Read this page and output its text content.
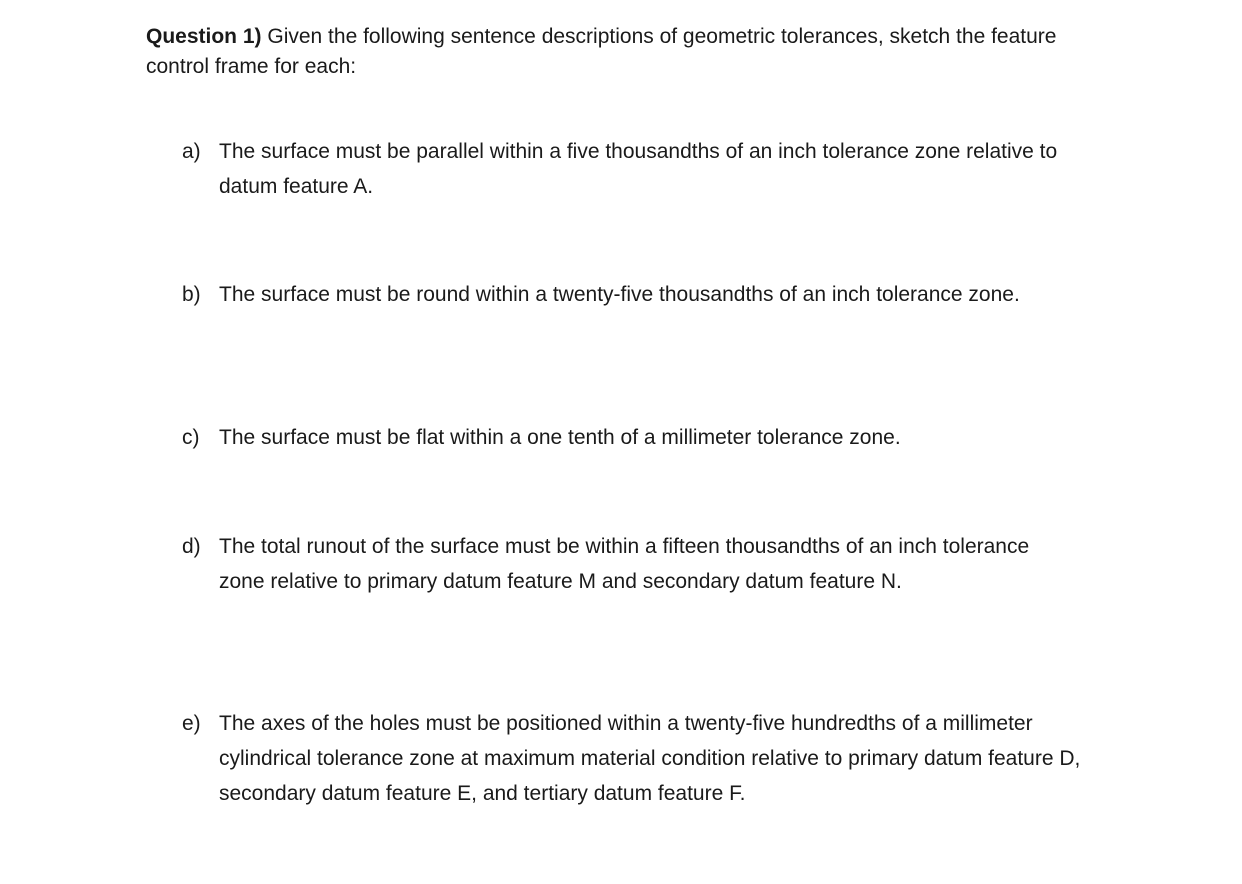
Question 1) Given the following sentence descriptions of geometric tolerances, sketch the feature control frame for each:

a) The surface must be parallel within a five thousandths of an inch tolerance zone relative to datum feature A.
b) The surface must be round within a twenty-five thousandths of an inch tolerance zone.
c) The surface must be flat within a one tenth of a millimeter tolerance zone.
d) The total runout of the surface must be within a fifteen thousandths of an inch tolerance zone relative to primary datum feature M and secondary datum feature N.
e) The axes of the holes must be positioned within a twenty-five hundredths of a millimeter cylindrical tolerance zone at maximum material condition relative to primary datum feature D, secondary datum feature E, and tertiary datum feature F.
